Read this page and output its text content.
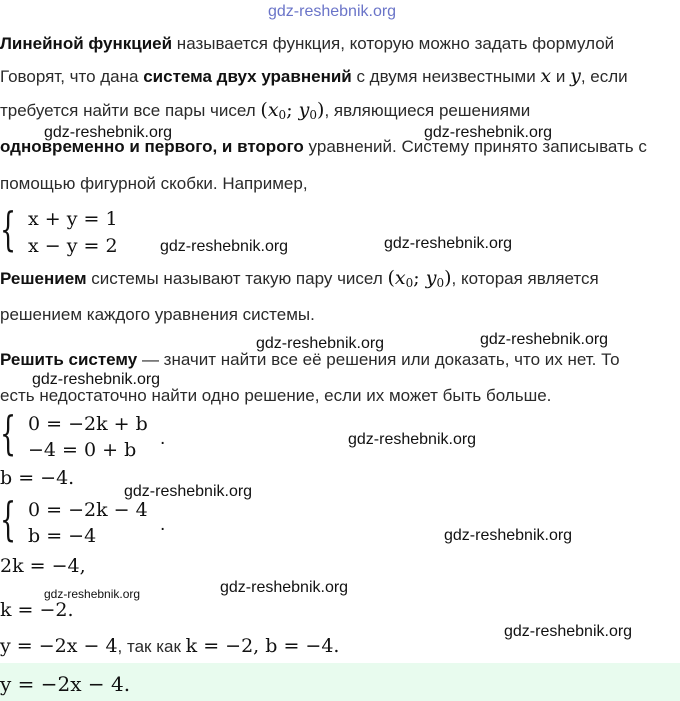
gdz-reshebnik.org
Линейной функцией называется функция, которую можно задать формулой
Говорят, что дана система двух уравнений с двумя неизвестными x и y, если
требуется найти все пары чисел ($x_0$; $y_0$), являющиеся решениями
gdz-reshebnik.org	gdz-reshebnik.org
одновременно и первого, и второго уравнений. Систему принято записывать с
помощью фигурной скобки. Например,
{ x + y = 1
x − y = 2	gdz-reshebnik.org	gdz-reshebnik.org
Решением системы называют такую пару чисел ($x_0$; $y_0$), которая является
решением каждого уравнения системы.
gdz-reshebnik.org	gdz-reshebnik.org
Решить систему — значит найти все её решения или доказать, что их нет. То
gdz-reshebnik.org
есть недостаточно найти одно решение, если их может быть больше.
{ 0 = −2k + b
−4 = 0 + b
.	gdz-reshebnik.org
b = −4.
gdz-reshebnik.org
{ 0 = −2k − 4
b = −4
.
gdz-reshebnik.org
2k = −4,
gdz-reshebnik.org
gdz-reshebnik.org
k = −2.
gdz-reshebnik.org
y = −2x − 4, так как k = −2, b = −4.
y = −2x − 4.
